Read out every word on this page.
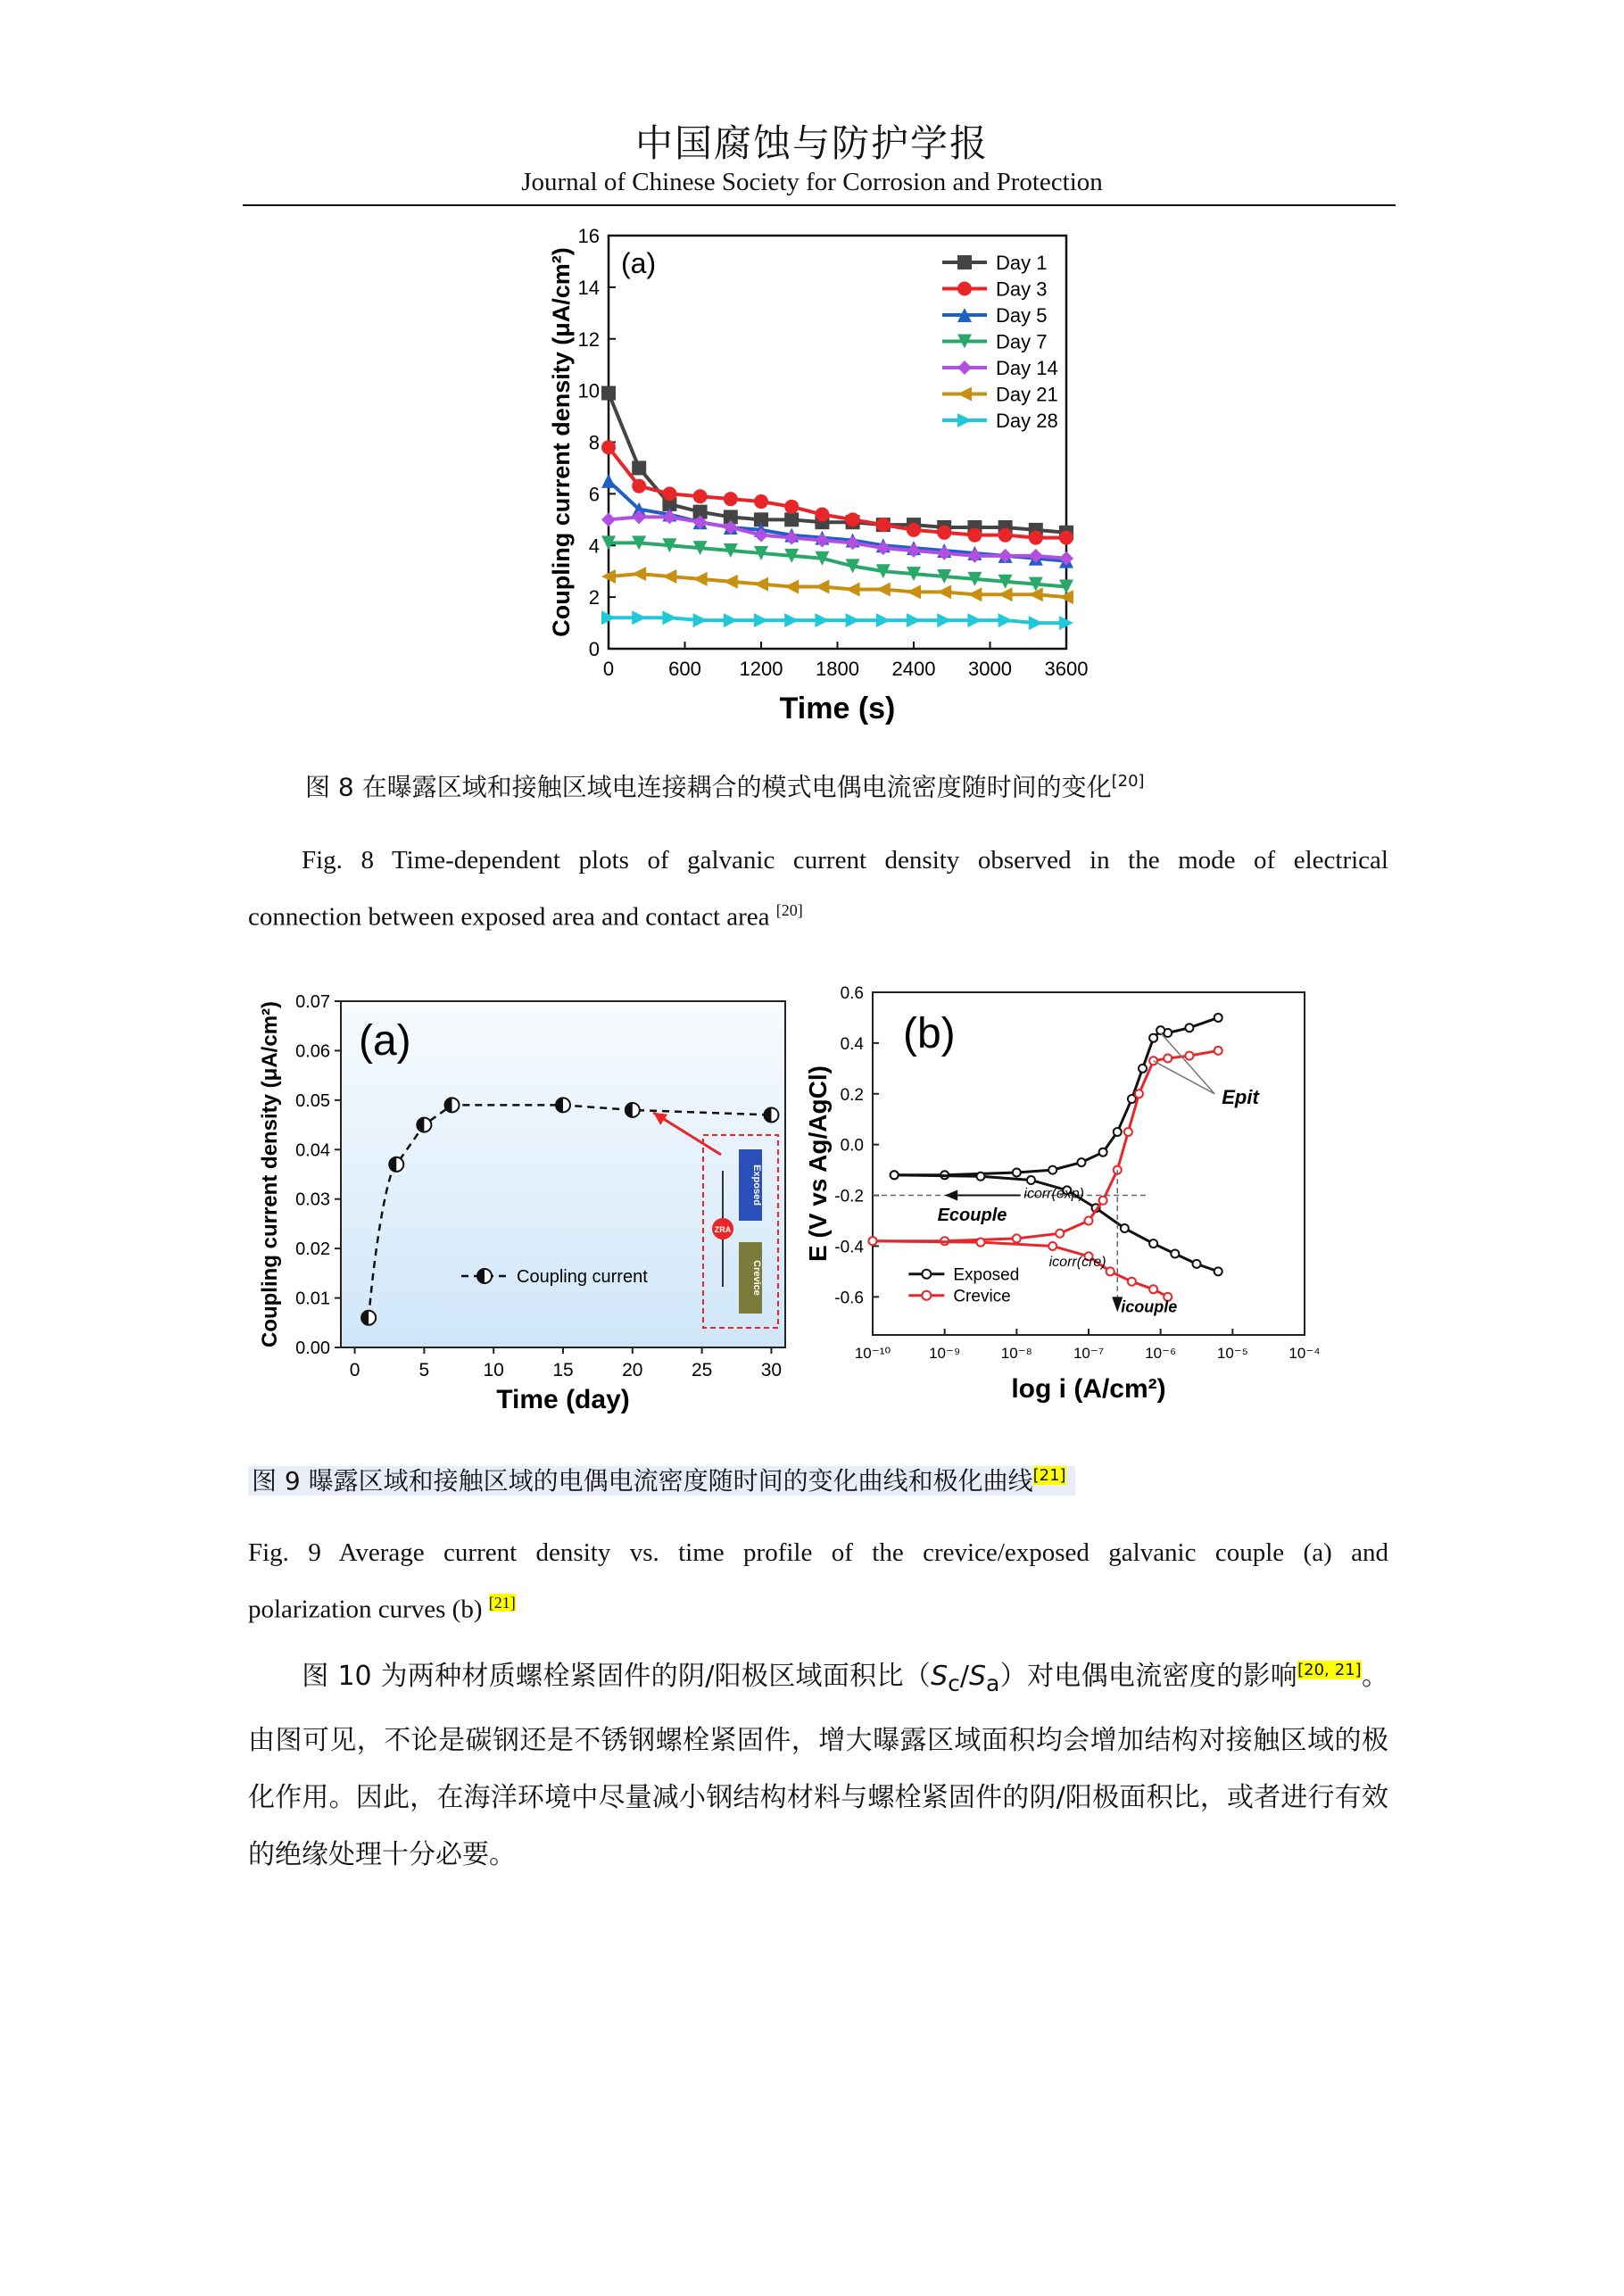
中国腐蚀与防护学报
Journal of Chinese Society for Corrosion and Protection
0	600 1200 1800 2400 3000 3600
0
2
4
6
8
10
12
14
16
Time (s)
Coupling current density (μA/cm²) (a)	Day 1
Day 3
Day 5
Day 7
Day 14
Day 21
Day 28
图 8 在曝露区域和接触区域电连接耦合的模式电偶电流密度随时间的变化[20]
Fig. 8 Time-dependent plots of galvanic current density observed in the mode of electrical
connection between exposed area and contact area [20]
0	5	10	15	20	25	30
0.00
0.01
0.02
0.03
0.04
0.05
0.06
0.07
Time (day)
Coupling current density (μA/cm²) (a)
Coupling current
ZRA
Exposed
Crevice
10⁻¹⁰	10⁻⁹	10⁻⁸	10⁻⁷	10⁻⁶	10⁻⁵	10⁻⁴
-0.6
-0.4
-0.2
0.0
0.2
0.4
0.6
log i (A/cm²)
E (V vs Ag/AgCl)
(b)
Epit
Ecouple
icorr(exp)
icorr(cre)
icouple
Exposed
Crevice
图 9 曝露区域和接触区域的电偶电流密度随时间的变化曲线和极化曲线[21]
Fig. 9 Average current density vs. time profile of the crevice/exposed galvanic couple (a) and
polarization curves (b) [21]
图 10 为两种材质螺栓紧固件的阴/阳极区域面积比$(S_c/S_a)$对电偶电流密度的影响[20, 21]。由图可见，不论是碳钢还是不锈钢螺栓紧固件，增大曝露区域面积均会增加结构对接触区域的极化作用。因此，在海洋环境中尽量减小钢结构材料与螺栓紧固件的阴/阳极面积比，或者进行有效的绝缘处理十分必要。
